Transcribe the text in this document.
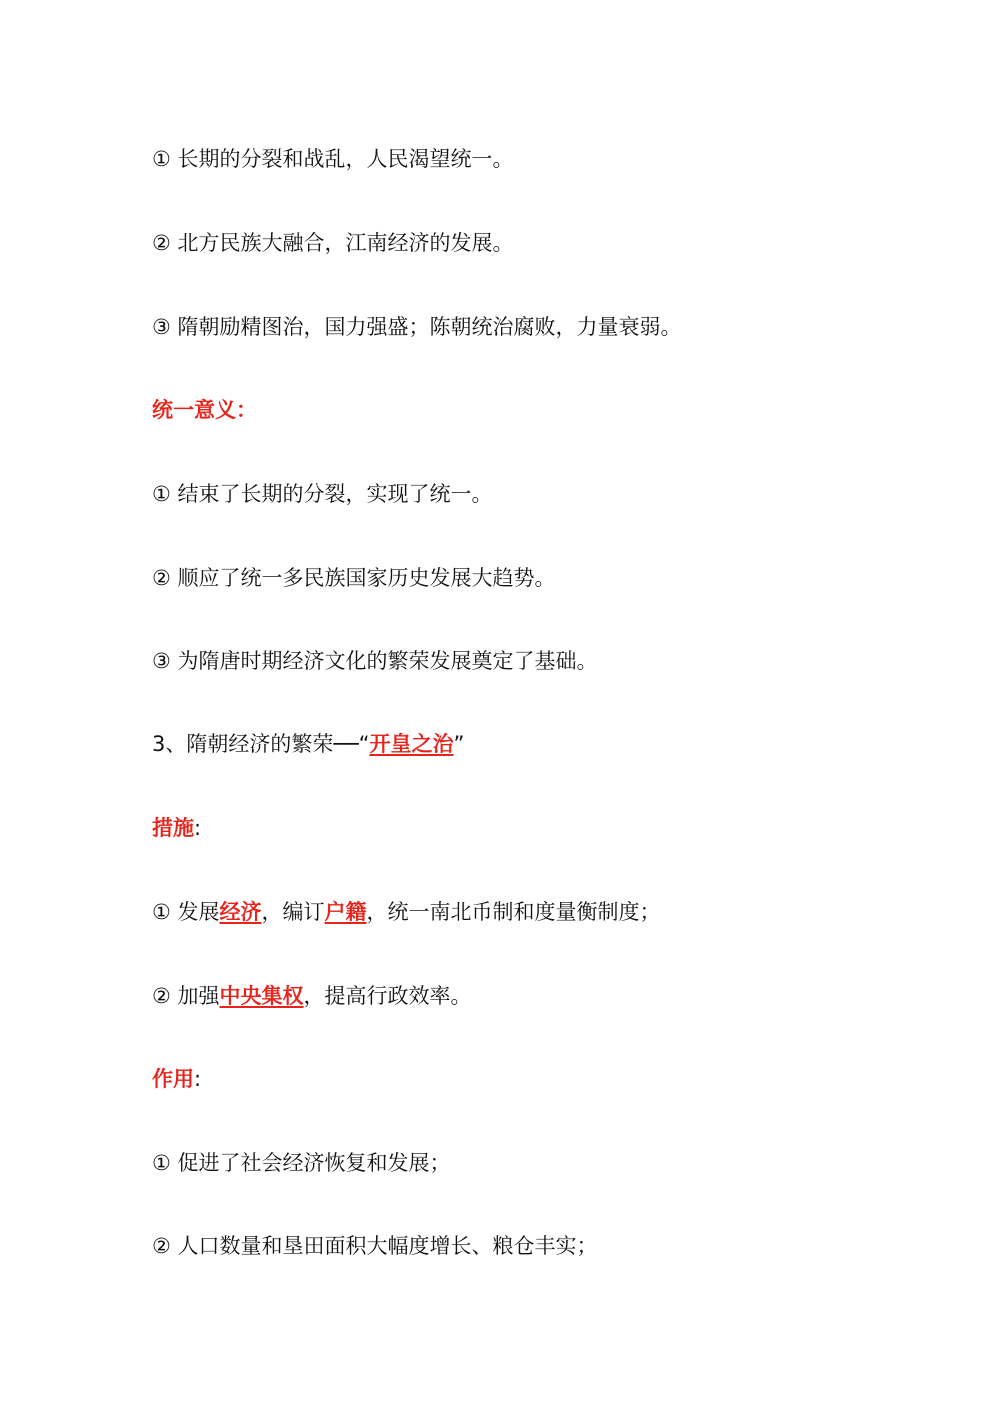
① 长期的分裂和战乱，人民渴望统一。
② 北方民族大融合，江南经济的发展。
③ 隋朝励精图治，国力强盛；陈朝统治腐败，力量衰弱。
统一意义：
① 结束了长期的分裂，实现了统一。
② 顺应了统一多民族国家历史发展大趋势。
③ 为隋唐时期经济文化的繁荣发展奠定了基础。
3、隋朝经济的繁荣──“开皇之治”
措施:
① 发展经济，编订户籍，统一南北币制和度量衡制度；
② 加强中央集权，提高行政效率。
作用:
① 促进了社会经济恢复和发展；
② 人口数量和垦田面积大幅度增长、粮仓丰实；
